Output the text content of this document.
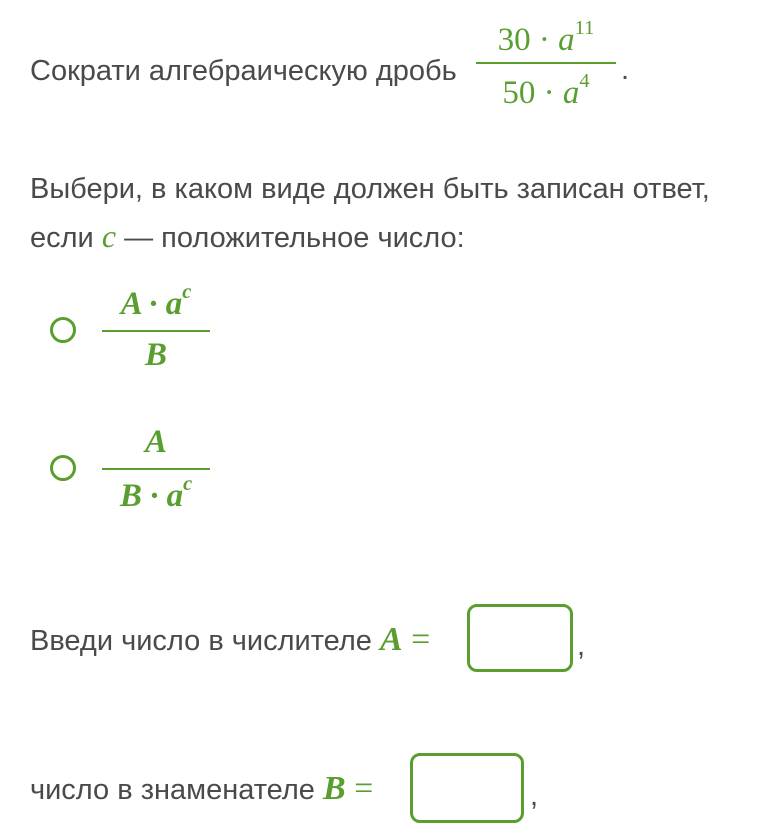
Сократи алгебраическую дробь
$30 \cdot a^{11}$
$50 \cdot a^4$	.
Выбери, в каком виде должен быть записан ответ,
если c — положительное число:
$A \cdot a^c$
B
A
$B \cdot a^c$
Введи число в числителе A =	,
число в знаменателе B =	,
